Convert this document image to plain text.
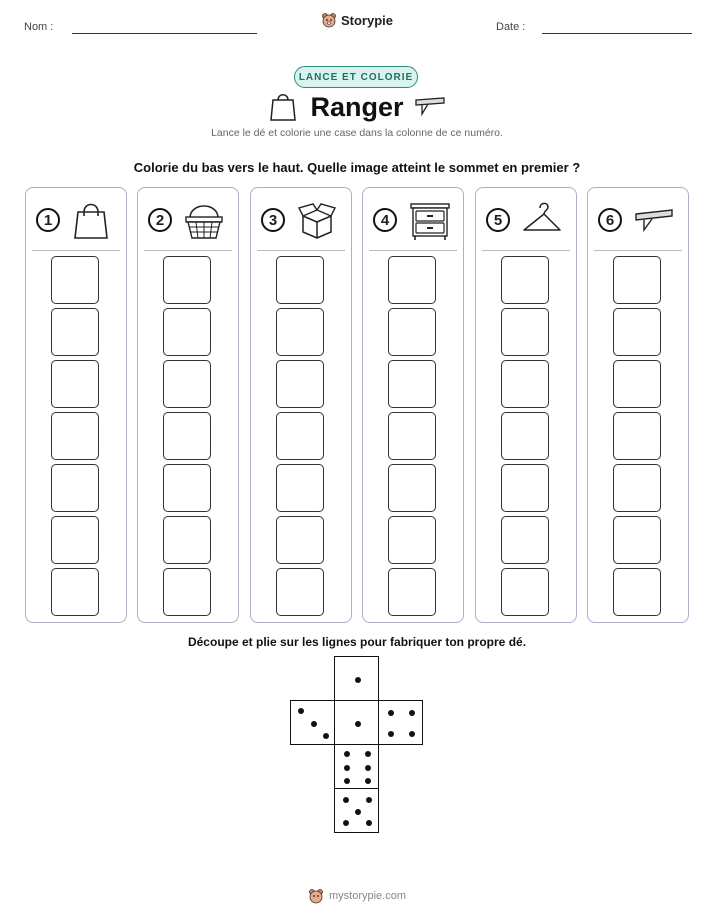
Nom :	Storypie	Date :
LANCE ET COLORIE
Ranger
Lance le dé et colorie une case dans la colonne de ce numéro.
Colorie du bas vers le haut. Quelle image atteint le sommet en premier ?
1	2	3	4	5	6
Découpe et plie sur les lignes pour fabriquer ton propre dé.
mystorypie.com
